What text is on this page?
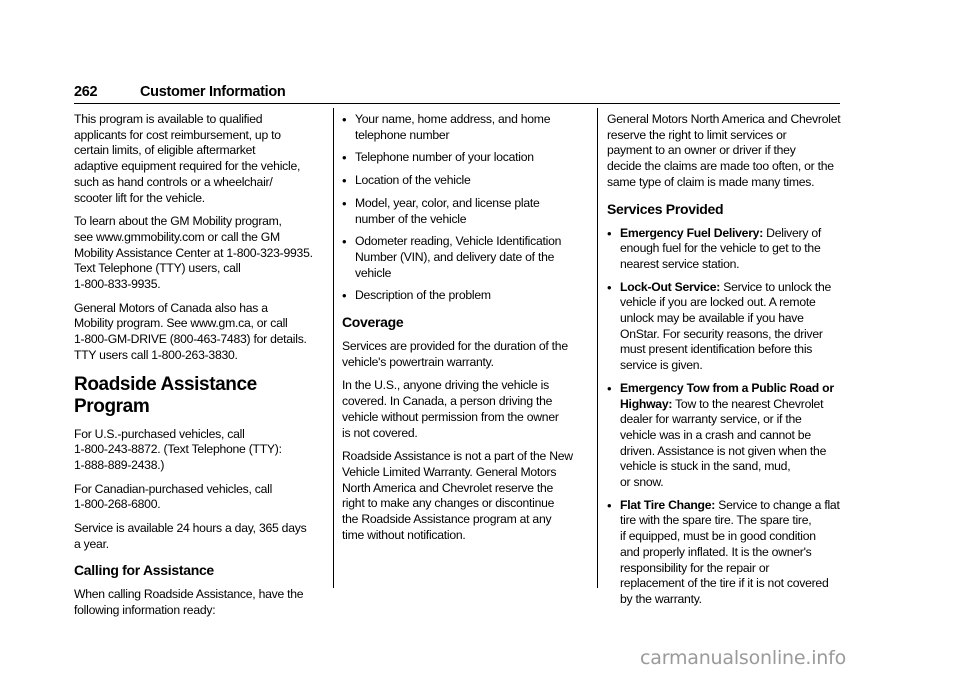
262	Customer Information

This program is available to qualified
applicants for cost reimbursement, up to
certain limits, of eligible aftermarket
adaptive equipment required for the vehicle,
such as hand controls or a wheelchair/
scooter lift for the vehicle.

To learn about the GM Mobility program,
see www.gmmobility.com or call the GM
Mobility Assistance Center at 1-800-323-9935.
Text Telephone (TTY) users, call
1-800-833-9935.

General Motors of Canada also has a
Mobility program. See www.gm.ca, or call
1-800-GM-DRIVE (800-463-7483) for details.
TTY users call 1-800-263-3830.

Roadside Assistance Program

For U.S.-purchased vehicles, call
1-800-243-8872. (Text Telephone (TTY):
1-888-889-2438.)

For Canadian-purchased vehicles, call
1-800-268-6800.

Service is available 24 hours a day, 365 days
a year.

Calling for Assistance

When calling Roadside Assistance, have the
following information ready:

• Your name, home address, and home
telephone number
• Telephone number of your location
• Location of the vehicle
• Model, year, color, and license plate
number of the vehicle
• Odometer reading, Vehicle Identification
Number (VIN), and delivery date of the
vehicle
• Description of the problem
Coverage

Services are provided for the duration of the
vehicle's powertrain warranty.

In the U.S., anyone driving the vehicle is
covered. In Canada, a person driving the
vehicle without permission from the owner
is not covered.

Roadside Assistance is not a part of the New
Vehicle Limited Warranty. General Motors
North America and Chevrolet reserve the
right to make any changes or discontinue
the Roadside Assistance program at any
time without notification.

General Motors North America and Chevrolet
reserve the right to limit services or
payment to an owner or driver if they
decide the claims are made too often, or the
same type of claim is made many times.

Services Provided
• Emergency Fuel Delivery: Delivery of
enough fuel for the vehicle to get to the
nearest service station.
• Lock-Out Service: Service to unlock the
vehicle if you are locked out. A remote
unlock may be available if you have
OnStar. For security reasons, the driver
must present identification before this
service is given.
• Emergency Tow from a Public Road or
Highway: Tow to the nearest Chevrolet
dealer for warranty service, or if the
vehicle was in a crash and cannot be
driven. Assistance is not given when the
vehicle is stuck in the sand, mud,
or snow.
• Flat Tire Change: Service to change a flat
tire with the spare tire. The spare tire,
if equipped, must be in good condition
and properly inflated. It is the owner's
responsibility for the repair or
replacement of the tire if it is not covered
by the warranty.
carmanualsonline.info
